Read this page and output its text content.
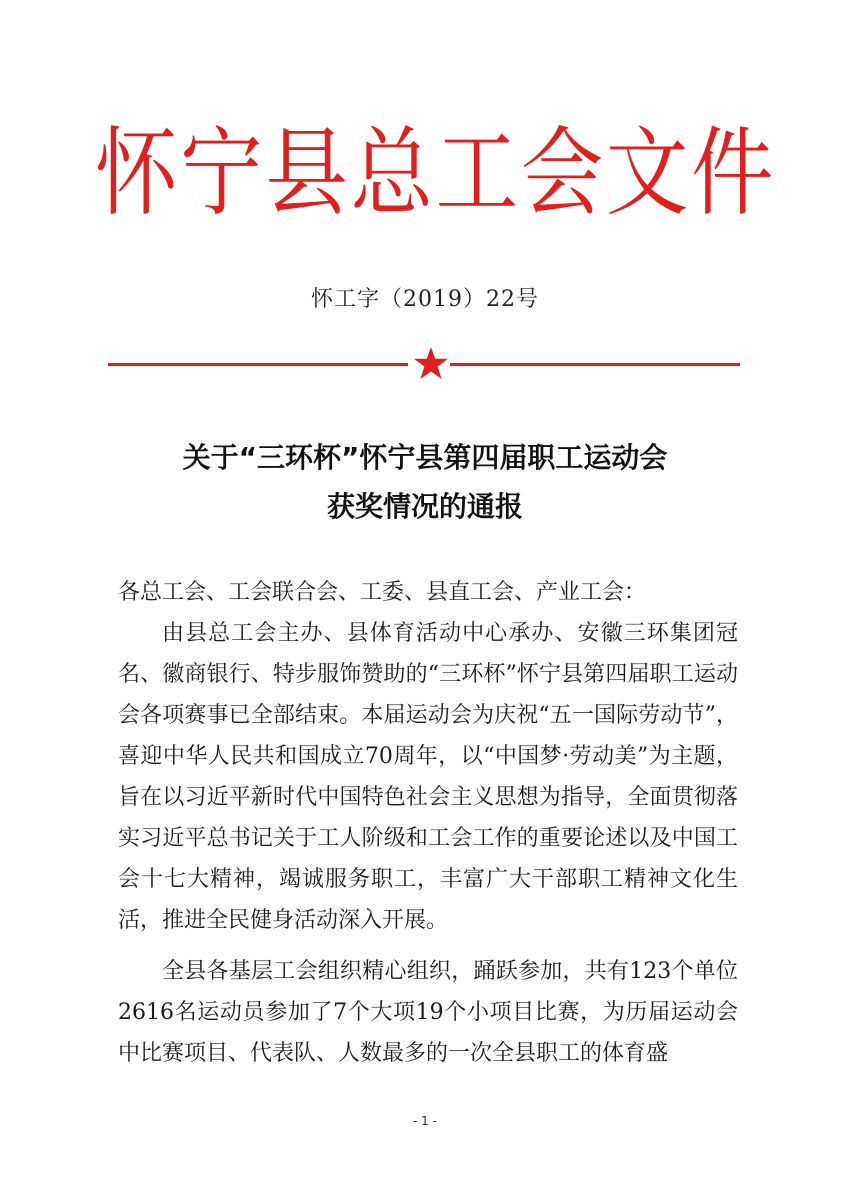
怀 宁 县 总 工 会 文 件
怀工字（2019）22号
关于“三环杯”怀宁县第四届职工运动会
获奖情况的通报

各总工会、工会联合会、工委、县直工会、产业工会：

由县总工会主办、县体育活动中心承办、安徽三环集团冠名、徽商银行、特步服饰赞助的“三环杯”怀宁县第四届职工运动会各项赛事已全部结束。本届运动会为庆祝“五一国际劳动节”，喜迎中华人民共和国成立70周年，以“中国梦·劳动美”为主题，旨在以习近平新时代中国特色社会主义思想为指导，全面贯彻落实习近平总书记关于工人阶级和工会工作的重要论述以及中国工会十七大精神，竭诚服务职工，丰富广大干部职工精神文化生活，推进全民健身活动深入开展。

全县各基层工会组织精心组织，踊跃参加，共有123个单位2616名运动员参加了7个大项19个小项目比赛，为历届运动会中比赛项目、代表队、人数最多的一次全县职工的体育盛

- 1 -
